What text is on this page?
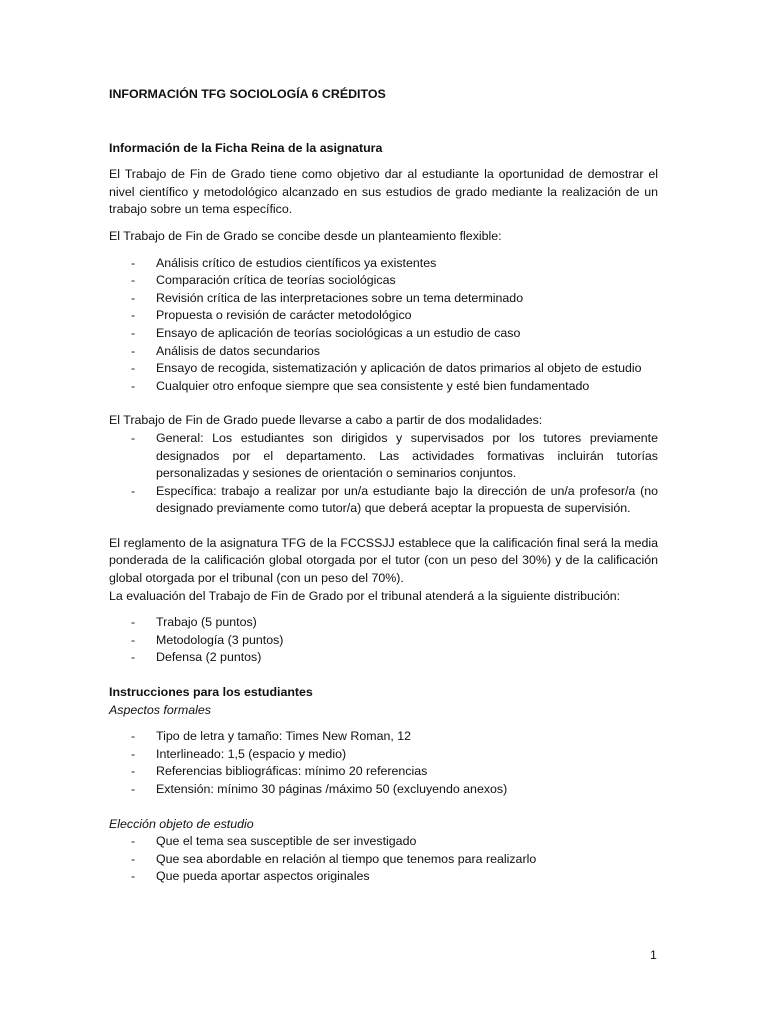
INFORMACIÓN TFG SOCIOLOGÍA 6 CRÉDITOS

Información de la Ficha Reina de la asignatura

El Trabajo de Fin de Grado tiene como objetivo dar al estudiante la oportunidad de demostrar el nivel científico y metodológico alcanzado en sus estudios de grado mediante la realización de un trabajo sobre un tema específico.

El Trabajo de Fin de Grado se concibe desde un planteamiento flexible:

- Análisis crítico de estudios científicos ya existentes
- Comparación crítica de teorías sociológicas
- Revisión crítica de las interpretaciones sobre un tema determinado
- Propuesta o revisión de carácter metodológico
- Ensayo de aplicación de teorías sociológicas a un estudio de caso
- Análisis de datos secundarios
- Ensayo de recogida, sistematización y aplicación de datos primarios al objeto de estudio
- Cualquier otro enfoque siempre que sea consistente y esté bien fundamentado

El Trabajo de Fin de Grado puede llevarse a cabo a partir de dos modalidades:

- General: Los estudiantes son dirigidos y supervisados por los tutores previamente designados por el departamento. Las actividades formativas incluirán tutorías personalizadas y sesiones de orientación o seminarios conjuntos.
- Específica: trabajo a realizar por un/a estudiante bajo la dirección de un/a profesor/a (no designado previamente como tutor/a) que deberá aceptar la propuesta de supervisión.

El reglamento de la asignatura TFG de la FCCSSJJ establece que la calificación final será la media ponderada de la calificación global otorgada por el tutor (con un peso del 30%) y de la calificación global otorgada por el tribunal (con un peso del 70%).

La evaluación del Trabajo de Fin de Grado por el tribunal atenderá a la siguiente distribución:

- Trabajo (5 puntos)
- Metodología (3 puntos)
- Defensa (2 puntos)

Instrucciones para los estudiantes

Aspectos formales

- Tipo de letra y tamaño: Times New Roman, 12
- Interlineado: 1,5 (espacio y medio)
- Referencias bibliográficas: mínimo 20 referencias
- Extensión: mínimo 30 páginas /máximo 50 (excluyendo anexos)

Elección objeto de estudio

- Que el tema sea susceptible de ser investigado
- Que sea abordable en relación al tiempo que tenemos para realizarlo
- Que pueda aportar aspectos originales
1
